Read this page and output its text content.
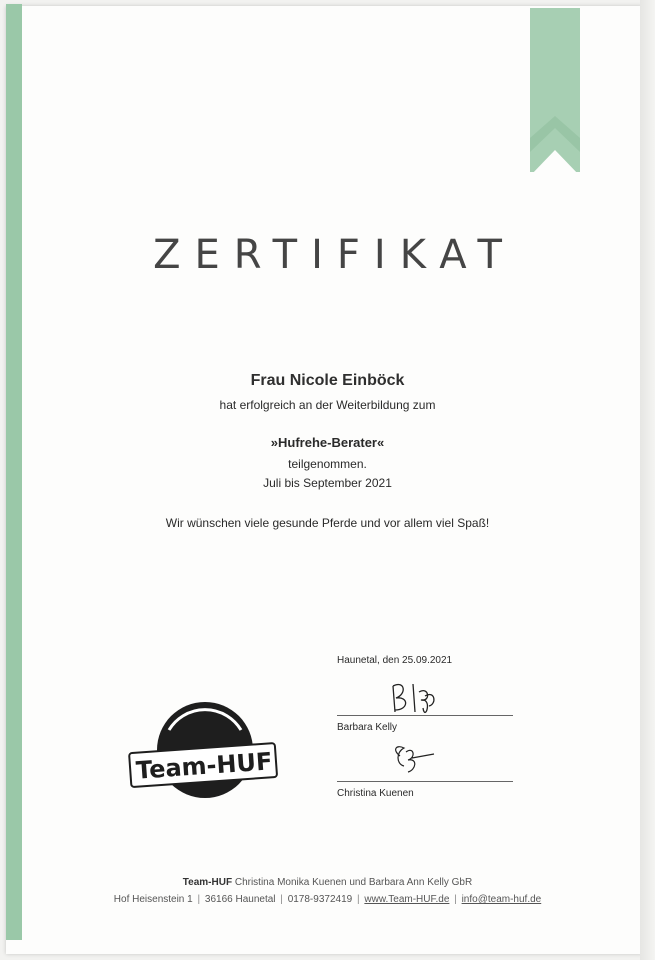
ZERTIFIKAT
Frau Nicole Einböck
hat erfolgreich an der Weiterbildung zum
»Hufrehe-Berater«
teilgenommen.
Juli bis September 2021
Wir wünschen viele gesunde Pferde und vor allem viel Spaß!
Haunetal, den 25.09.2021
Barbara Kelly
Christina Kuenen
Team-HUF
Team-HUF Christina Monika Kuenen und Barbara Ann Kelly GbR
Hof Heisenstein 1 | 36166 Haunetal | 0178-9372419 | www.Team-HUF.de | info@team-huf.de
